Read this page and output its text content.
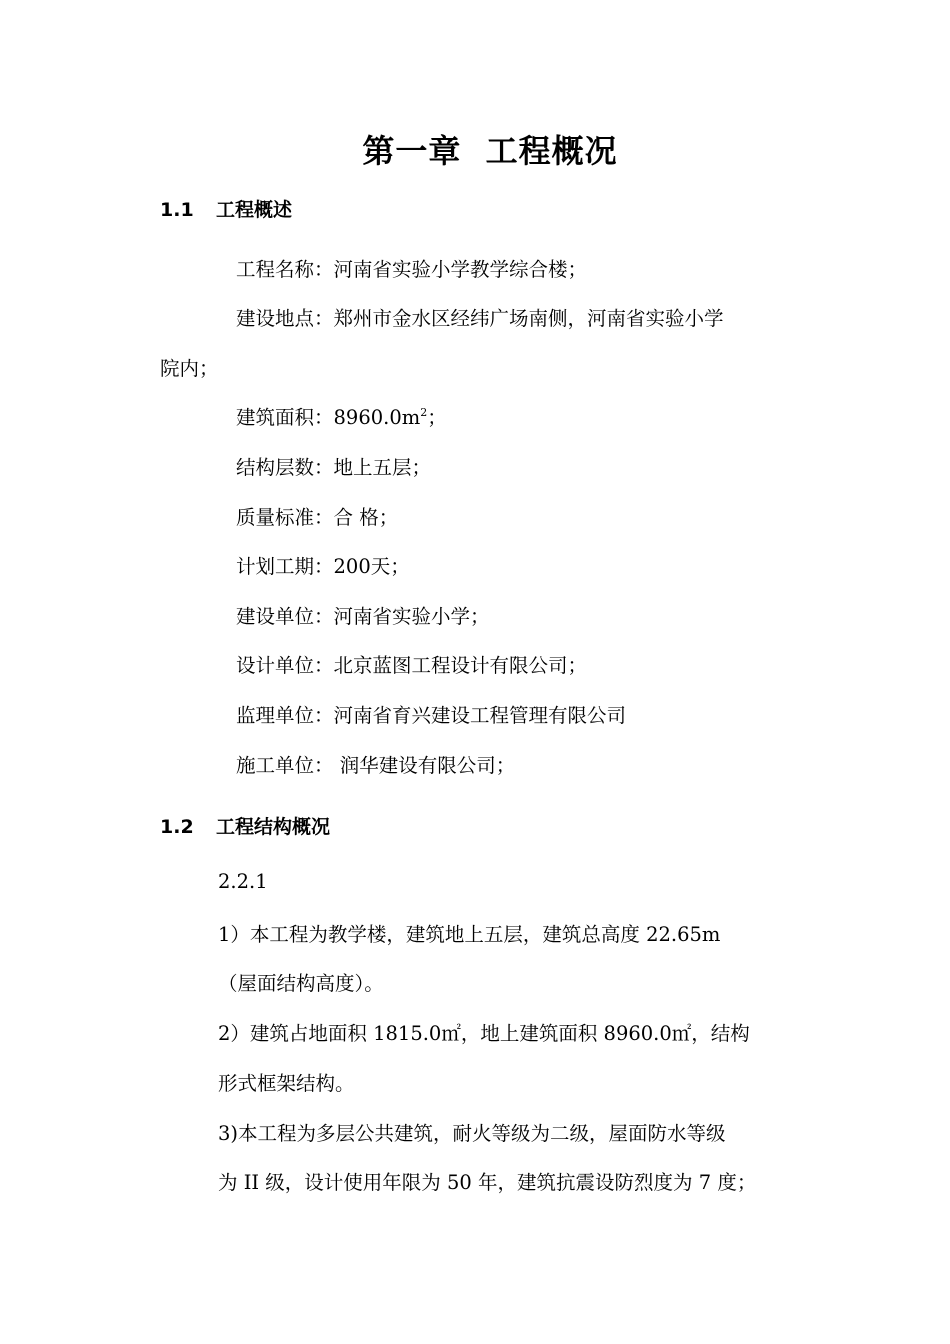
第一章  工程概况
1.1 工程概述
工程名称：河南省实验小学教学综合楼；
建设地点：郑州市金水区经纬广场南侧，河南省实验小学
院内；
建筑面积：$8960.0m^2$；
结构层数：地上五层；
质量标准：合 格；
计划工期：200天；
建设单位：河南省实验小学；
设计单位：北京蓝图工程设计有限公司；
监理单位：河南省育兴建设工程管理有限公司
施工单位： 润华建设有限公司；
1.2 工程结构概况
2.2.1
1）本工程为教学楼，建筑地上五层，建筑总高度 22.65m
（屋面结构高度）。
2）建筑占地面积 1815.0㎡，地上建筑面积 8960.0㎡，结构
形式框架结构。
3)本工程为多层公共建筑，耐火等级为二级，屋面防水等级
为 II 级，设计使用年限为 50 年，建筑抗震设防烈度为 7 度；
